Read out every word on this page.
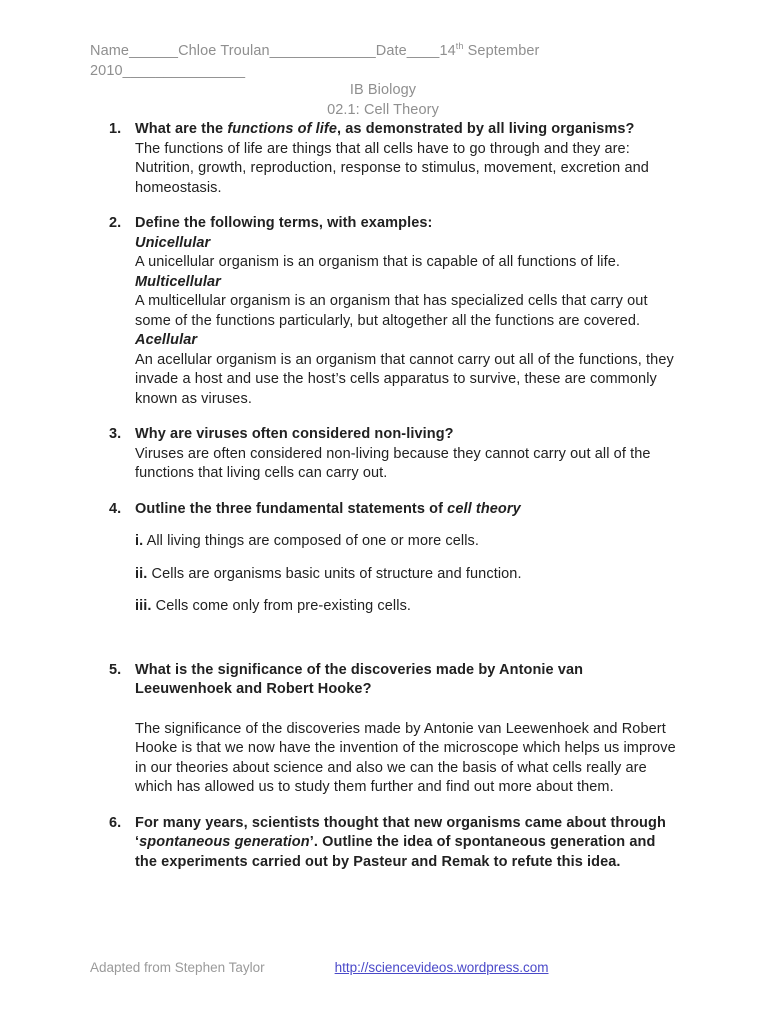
Name______Chloe Troulan_____________Date____14th September
2010_______________
IB Biology
02.1: Cell Theory
1. What are the functions of life, as demonstrated by all living organisms?
The functions of life are things that all cells have to go through and they are: Nutrition, growth, reproduction, response to stimulus, movement, excretion and homeostasis.
2. Define the following terms, with examples:
Unicellular
A unicellular organism is an organism that is capable of all functions of life.
Multicellular
A multicellular organism is an organism that has specialized cells that carry out some of the functions particularly, but altogether all the functions are covered.
Acellular
An acellular organism is an organism that cannot carry out all of the functions, they invade a host and use the host’s cells apparatus to survive, these are commonly known as viruses.
3. Why are viruses often considered non-living?
Viruses are often considered non-living because they cannot carry out all of the functions that living cells can carry out.
4. Outline the three fundamental statements of cell theory
i. All living things are composed of one or more cells.
ii. Cells are organisms basic units of structure and function.
iii. Cells come only from pre-existing cells.
5. What is the significance of the discoveries made by Antonie van Leeuwenhoek and Robert Hooke?
The significance of the discoveries made by Antonie van Leewenhoek and Robert Hooke is that we now have the invention of the microscope which helps us improve in our theories about science and also we can the basis of what cells really are which has allowed us to study them further and find out more about them.
6. For many years, scientists thought that new organisms came about through ‘spontaneous generation’. Outline the idea of spontaneous generation and the experiments carried out by Pasteur and Remak to refute this idea.
Adapted from Stephen Taylor	http://sciencevideos.wordpress.com
